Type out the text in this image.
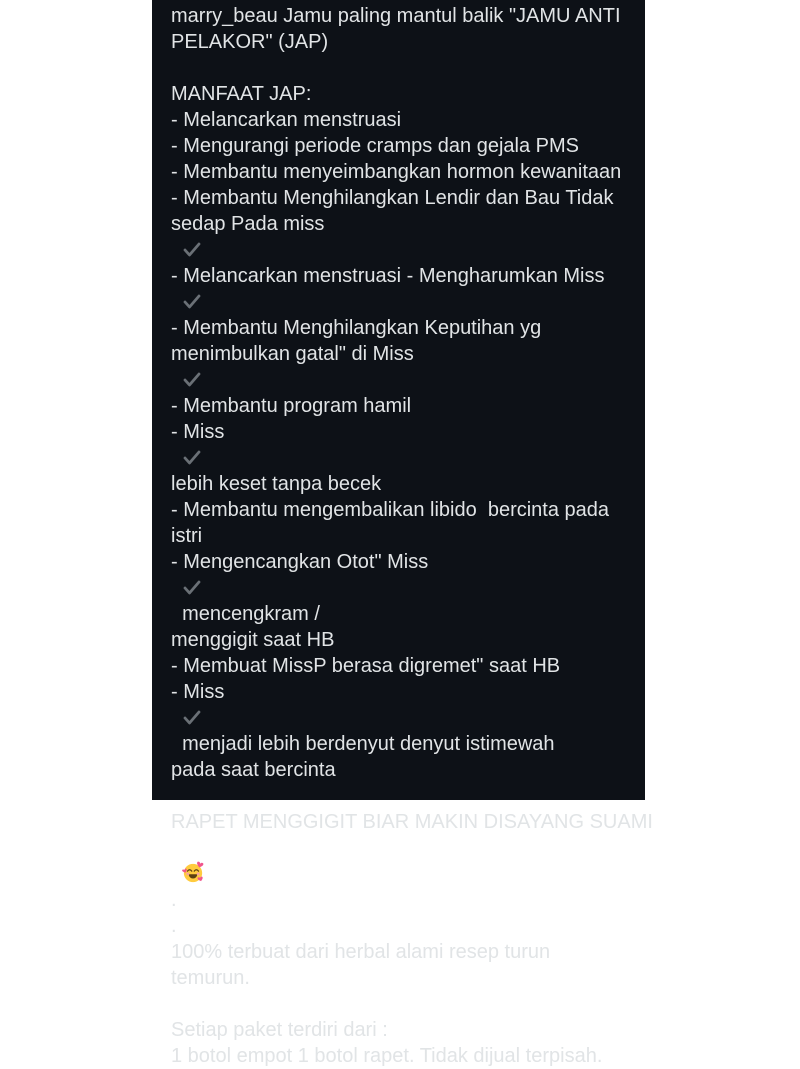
marry_beau Jamu paling mantul balik "JAMU ANTI
PELAKOR" (JAP)
MANFAAT JAP:
- Melancarkan menstruasi
- Mengurangi periode cramps dan gejala PMS
- Membantu menyeimbangkan hormon kewanitaan
- Membantu Menghilangkan Lendir dan Bau Tidak
sedap Pada miss

- Melancarkan menstruasi - Mengharumkan Miss

- Membantu Menghilangkan Keputihan yg
menimbulkan gatal" di Miss

- Membantu program hamil
- Miss

lebih keset tanpa becek
- Membantu mengembalikan libido  bercinta pada
istri
- Mengencangkan Otot" Miss

mencengkram /
menggigit saat HB
- Membuat MissP berasa digremet" saat HB
- Miss

menjadi lebih berdenyut denyut istimewah
pada saat bercinta
RAPET MENGGIGIT BIAR MAKIN DISAYANG SUAMI

.
.
100% terbuat dari herbal alami resep turun
temurun.
Setiap paket terdiri dari :
1 botol empot 1 botol rapet. Tidak dijual terpisah.
